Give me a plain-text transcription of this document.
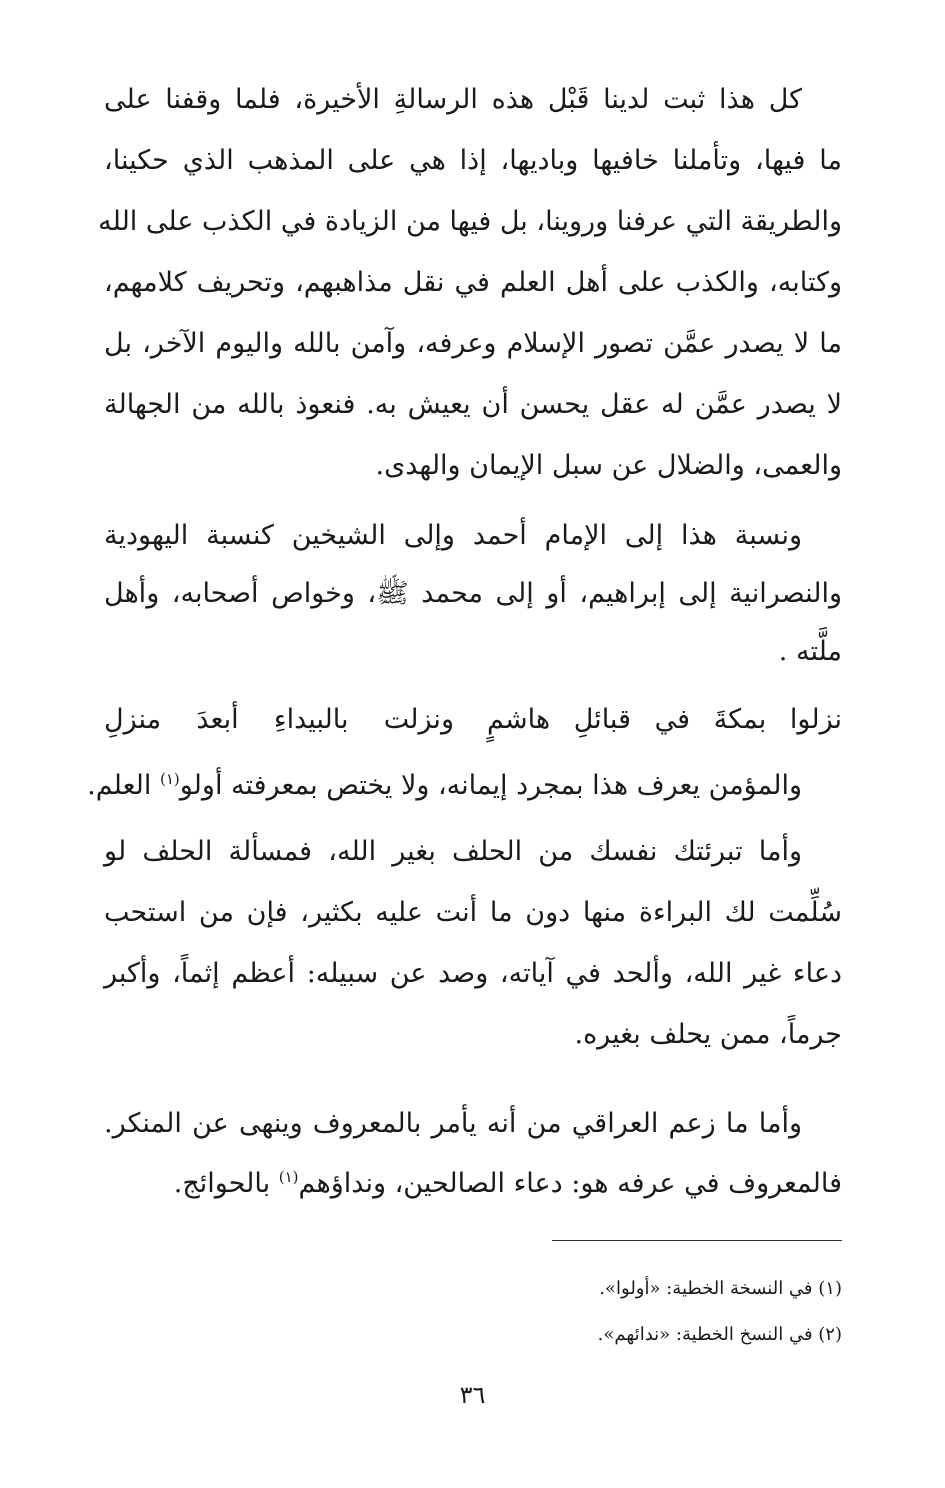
كل هذا ثبت لدينا قَبْل هذه الرسالةِ الأخيرة، فلما وقفنا على
ما فيها، وتأملنا خافيها وباديها، إذا هي على المذهب الذي حكينا،
والطريقة التي عرفنا وروينا، بل فيها من الزيادة في الكذب على الله
وكتابه، والكذب على أهل العلم في نقل مذاهبهم، وتحريف كلامهم،
ما لا يصدر عمَّن تصور الإسلام وعرفه، وآمن بالله واليوم الآخر، بل
لا يصدر عمَّن له عقل يحسن أن يعيش به. فنعوذ بالله من الجهالة
والعمى، والضلال عن سبل الإيمان والهدى.
ونسبة هذا إلى الإمام أحمد وإلى الشيخين كنسبة اليهودية
والنصرانية إلى إبراهيم، أو إلى محمد ﷺ، وخواص أصحابه، وأهل
ملَّته .
نزلوا بمكةَ في قبائلِ هاشمٍ
ونزلت بالبيداءِ أبعدَ منزلِ
والمؤمن يعرف هذا بمجرد إيمانه، ولا يختص بمعرفته أولو$^{(١)}$ العلم.
وأما تبرئتك نفسك من الحلف بغير الله، فمسألة الحلف لو
سُلِّمت لك البراءة منها دون ما أنت عليه بكثير، فإن من استحب
دعاء غير الله، وألحد في آياته، وصد عن سبيله: أعظم إثماً، وأكبر
جرماً، ممن يحلف بغيره.
وأما ما زعم العراقي من أنه يأمر بالمعروف وينهى عن المنكر.
فالمعروف في عرفه هو: دعاء الصالحين، ونداؤهم$^{(١)}$ بالحوائج.
(١) في النسخة الخطية: «أولوا».
(٢) في النسخ الخطية: «ندائهم».
٣٦
